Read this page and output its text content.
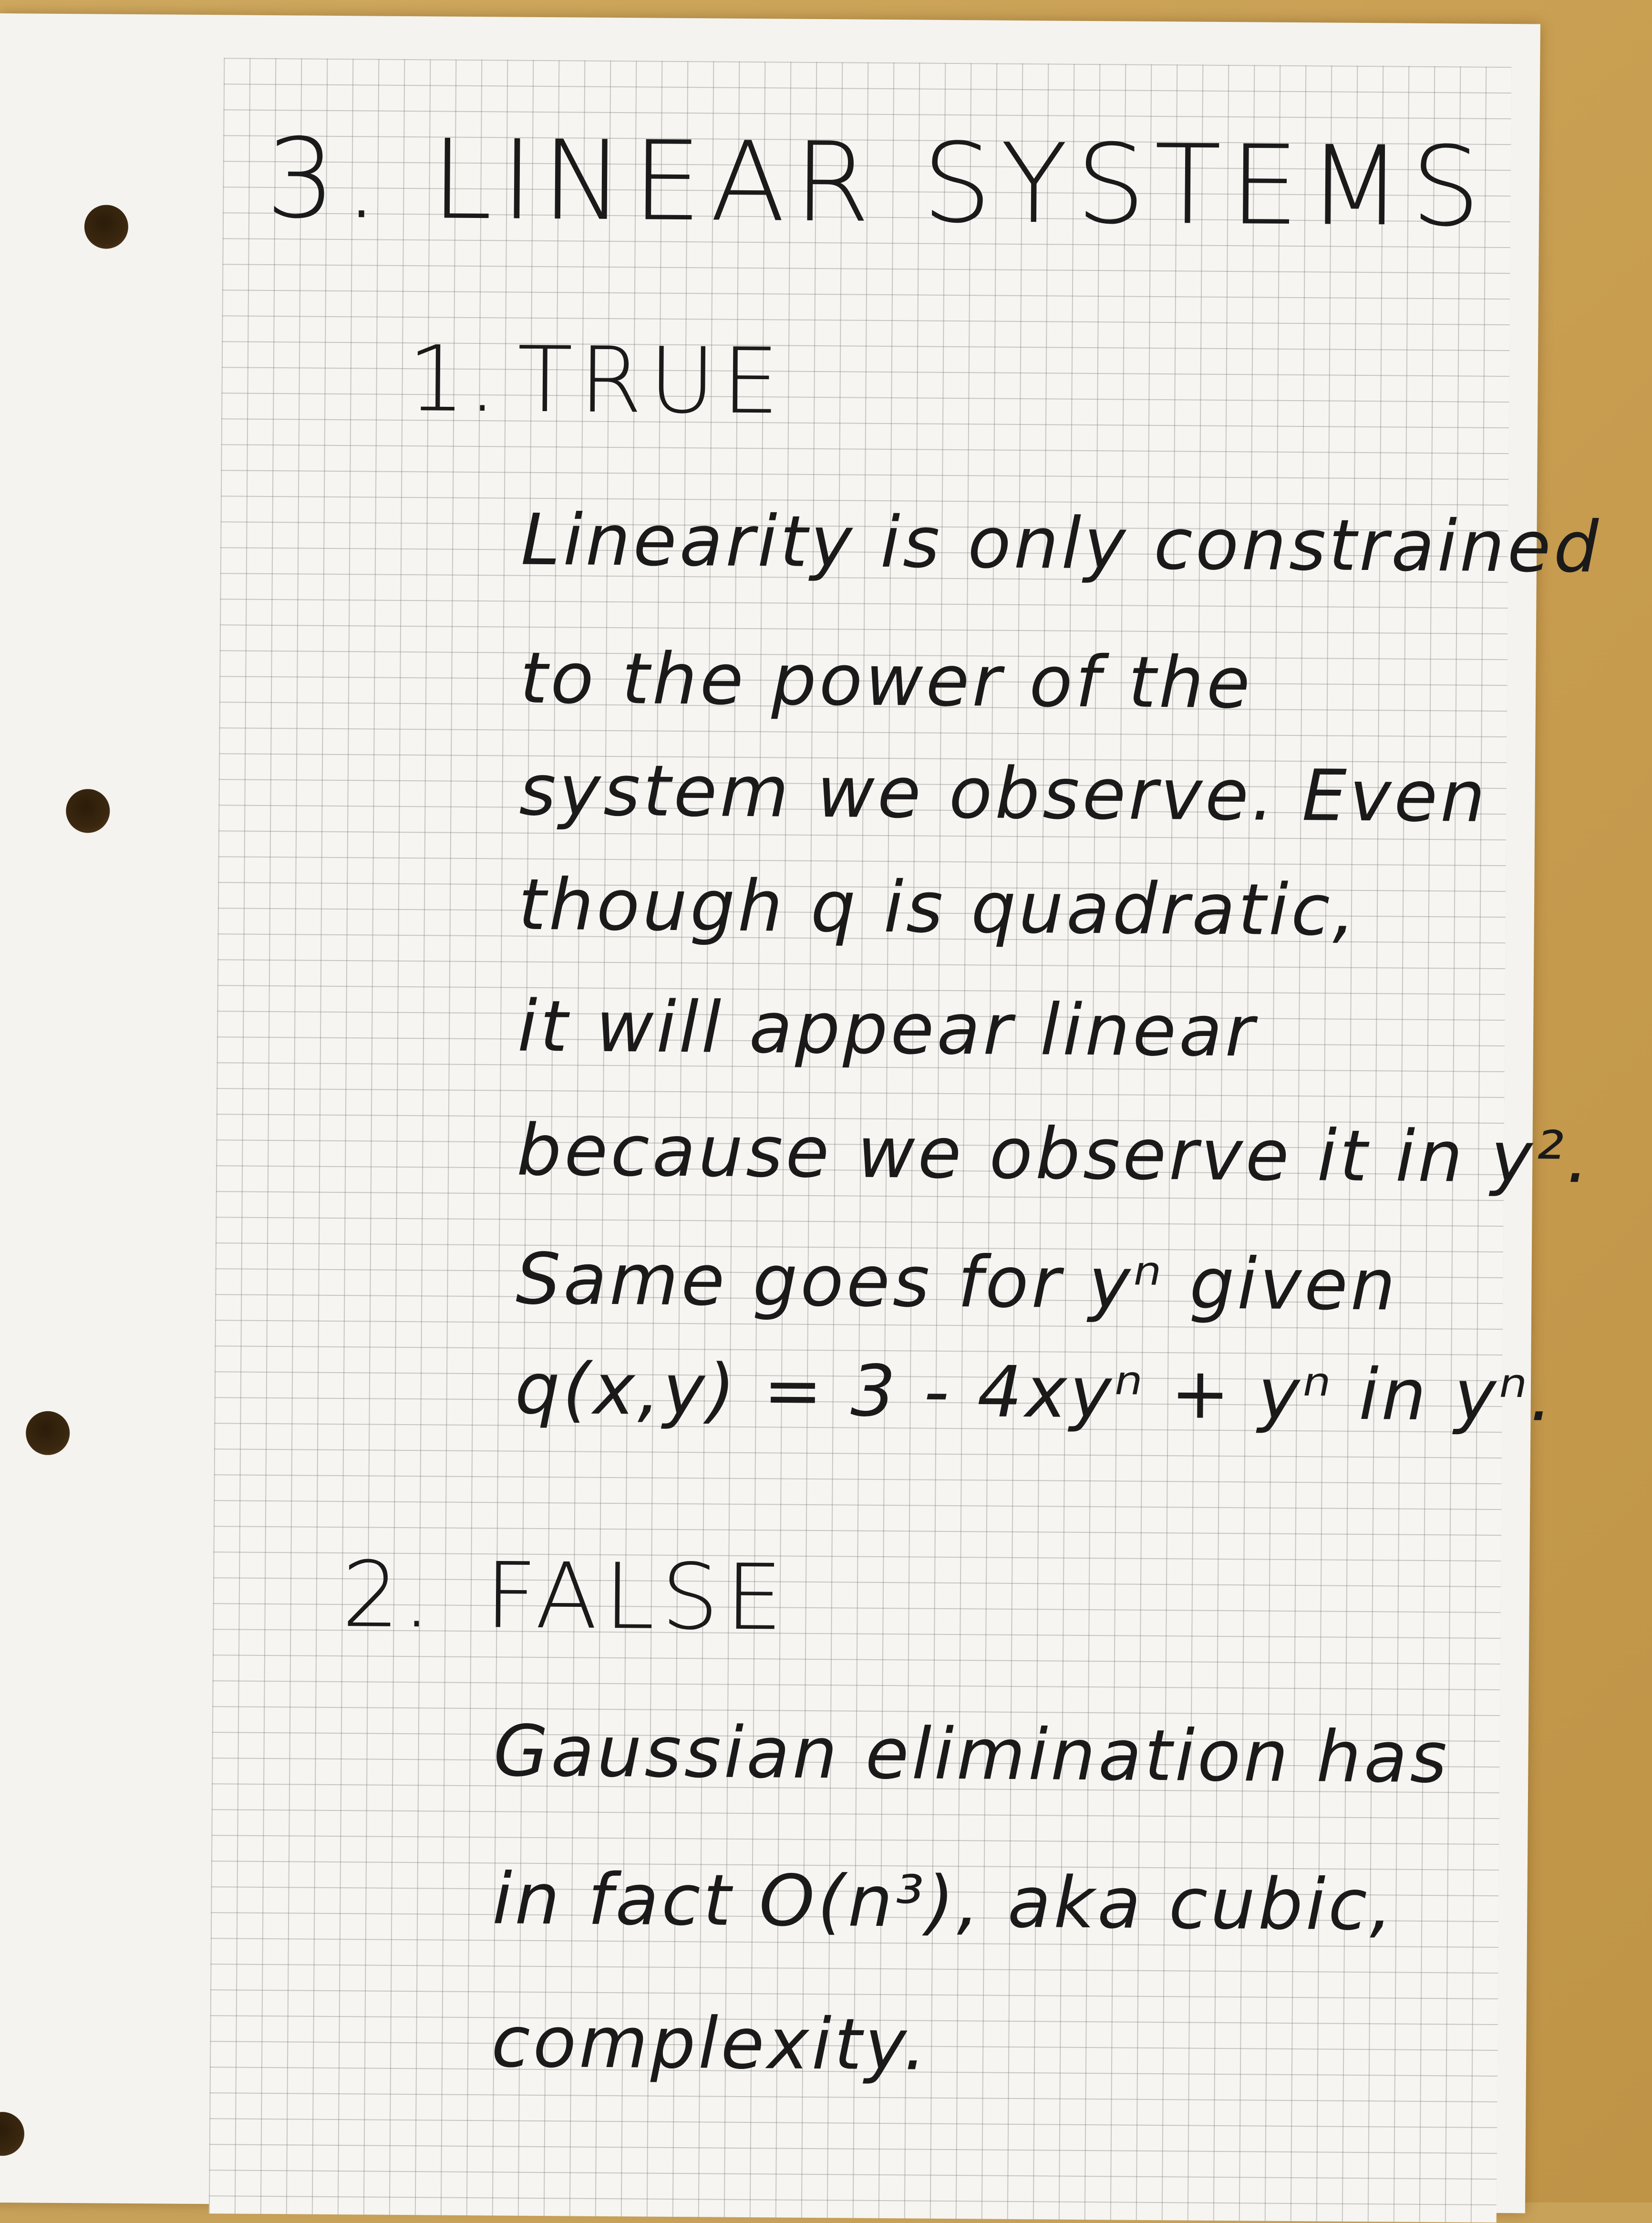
3. LINEAR SYSTEMS
1. TRUE
Linearity is only constrained
to the power of the
system we observe. Even
though q is quadratic,
it will appear linear
because we observe it in y².
Same goes for yⁿ given
q(x,y) = 3 - 4xyⁿ + yⁿ in yⁿ.
2. FALSE
Gaussian elimination has
in fact O(n³), aka cubic,
complexity.
